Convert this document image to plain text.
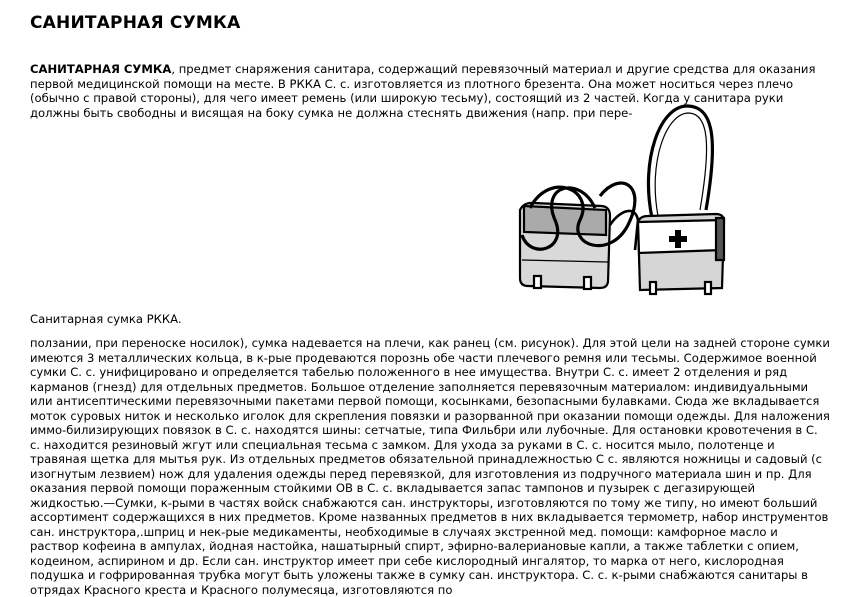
САНИТАРНАЯ СУМКА
САНИТАРНАЯ СУМКА, предмет снаряжения санитара, содержащий перевязочный материал и другие средства для оказания первой медицинской помощи на месте. В РККА С. с. изготовляется из плотного брезента. Она может носиться через плечо (обычно с правой стороны), для чего имеет ремень (или широкую тесьму), состоящий из 2 частей. Когда у санитара руки должны быть свободны и висящая на боку сумка не должна стеснять движения (напр. при пере-
Санитарная сумка РККА.
ползании, при переноске носилок), сумка надевается на плечи, как ранец (см. рисунок). Для этой цели на задней стороне сумки имеются 3 металлических кольца, в к-рые продеваются порознь обе части плечевого ремня или тесьмы. Содержимое военной сумки С. с. унифицировано и определяется табелью положенного в нее имущества. Внутри С. с. имеет 2 отделения и ряд карманов (гнезд) для отдельных предметов. Большое отделение заполняется перевязочным материалом: индивидуальными или антисептическими перевязочными пакетами первой помощи, косынками, безопасными булавками. Сюда же вкладывается моток суровых ниток и несколько иголок для скрепления повязки и разорванной при оказании помощи одежды. Для наложения иммо-билизирующих повязок в С. с. находятся шины: сетчатые, типа Фильбри или лубочные. Для остановки кровотечения в С. с. находится резиновый жгут или специальная тесьма с замком. Для ухода за руками в С. с. носится мыло, полотенце и травяная щетка для мытья рук. Из отдельных предметов обязательной принадлежностью С с. являются ножницы и садовый (с изогнутым лезвием) нож для удаления одежды перед перевязкой, для изготовления из подручного материала шин и пр. Для оказания первой помощи пораженным стойкими ОВ в С. с. вкладывается запас тампонов и пузырек с дегазирующей жидкостью.—Сумки, к-рыми в частях войск снабжаются сан. инструкторы, изготовляются по тому же типу, но имеют больший ассортимент содержащихся в них предметов. Кроме названных предметов в них вкладывается термометр, набор инструментов сан. инструктора,.шприц и нек-рые медикаменты, необходимые в случаях экстренной мед. помощи: камфорное масло и раствор кофеина в ампулах, йодная настойка, нашатырный спирт, эфирно-валериановые капли, а также таблетки с опием, кодеином, аспирином и др. Если сан. инструктор имеет при себе кислородный ингалятор, то марка от него, кислородная подушка и гофрированная трубка могут быть уложены также в сумку сан. инструктора. С. с. к-рыми снабжаются санитары в отрядах Красного креста и Красного полумесяца, изготовляются по
